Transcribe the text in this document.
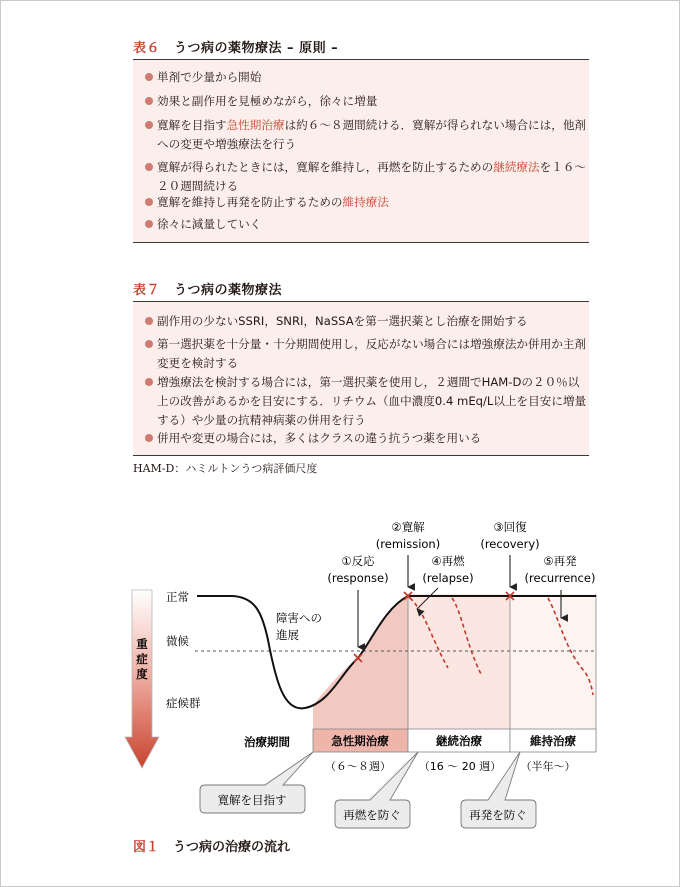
表６ うつ病の薬物療法 – 原則 –
単剤で少量から開始
効果と副作用を見極めながら，徐々に増量
寛解を目指す急性期治療は約６～８週間続ける．寛解が得られない場合には，他剤への変更や増強療法を行う
寛解が得られたときには，寛解を維持し，再燃を防止するための継続療法を１６～２０週間続ける
寛解を維持し再発を防止するための維持療法
徐々に減量していく
表７ うつ病の薬物療法
副作用の少ないSSRI，SNRI，NaSSAを第一選択薬とし治療を開始する
第一選択薬を十分量・十分期間使用し，反応がない場合には増強療法か併用か主剤変更を検討する
増強療法を検討する場合には，第一選択薬を使用し，２週間でHAM-Dの２０％以上の改善があるかを目安にする．リチウム（血中濃度0.4 mEq/L以上を目安に増量する）や少量の抗精神病薬の併用を行う
併用や変更の場合には，多くはクラスの違う抗うつ薬を用いる
HAM-D：ハミルトンうつ病評価尺度
重
症
度
正常
微候
症候群
②寛解
(remission)
③回復
(recovery)
①反応
(response)
④再燃
(relapse)
⑤再発
(recurrence)
障害への
進展
治療期間	急性期治療	継続治療	維持治療
（６～８週）	（16 ～ 20 週） （半年～）
寛解を目指す
再燃を防ぐ	再発を防ぐ
図１ うつ病の治療の流れ
